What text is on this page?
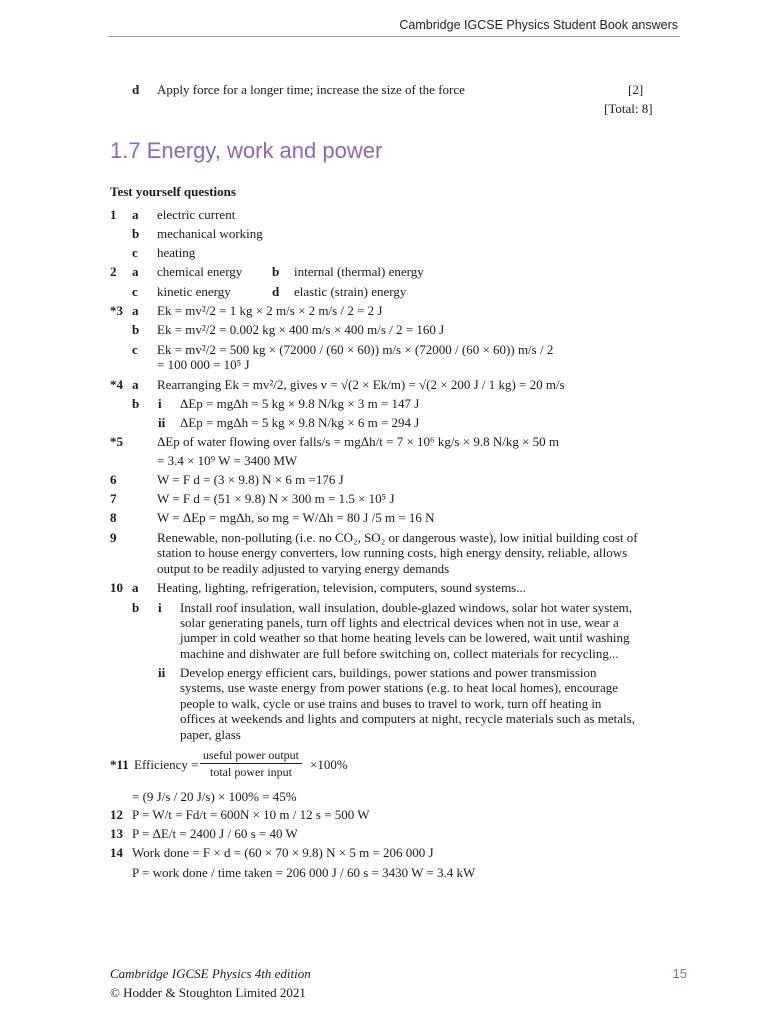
Cambridge IGCSE Physics Student Book answers
d Apply force for a longer time; increase the size of the force	[2]
[Total: 8]
1.7 Energy, work and power
Test yourself questions
1 a electric current
b mechanical working
c heating
2 a chemical energy b internal (thermal) energy
c kinetic energy	d elastic (strain) energy
*3 a Ek = mv²/2 = 1 kg × 2 m/s × 2 m/s / 2 = 2 J
b Ek = mv²/2 = 0.002 kg × 400 m/s × 400 m/s / 2 = 160 J
c Ek = mv²/2 = 500 kg × (72000 / (60 × 60)) m/s × (72000 / (60 × 60)) m/s / 2
= 100 000 = 10⁵ J
*4 a Rearranging Ek = mv²/2, gives v = √(2 × Ek/m) = √(2 × 200 J / 1 kg) = 20 m/s
b i ΔEp = mgΔh = 5 kg × 9.8 N/kg × 3 m = 147 J
ii ΔEp = mgΔh = 5 kg × 9.8 N/kg × 6 m = 294 J
*5	ΔEp of water flowing over falls/s = mgΔh/t = 7 × 10⁶ kg/s × 9.8 N/kg × 50 m
= 3.4 × 10⁹ W = 3400 MW
6	W = F d = (3 × 9.8) N × 6 m =176 J
7	W = F d = (51 × 9.8) N × 300 m = 1.5 × 10⁵ J
8	W = ΔEp = mgΔh, so mg = W/Δh = 80 J /5 m = 16 N
9	Renewable, non-polluting (i.e. no CO₂, SO₂ or dangerous waste), low initial building cost of
station to house energy converters, low running costs, high energy density, reliable, allows
output to be readily adjusted to varying energy demands
10 a Heating, lighting, refrigeration, television, computers, sound systems...
b i Install roof insulation, wall insulation, double-glazed windows, solar hot water system,
solar generating panels, turn off lights and electrical devices when not in use, wear a
jumper in cold weather so that home heating levels can be lowered, wait until washing
machine and dishwater are full before switching on, collect materials for recycling...
ii Develop energy efficient cars, buildings, power stations and power transmission
systems, use waste energy from power stations (e.g. to heat local homes), encourage
people to walk, cycle or use trains and buses to travel to work, turn off heating in
offices at weekends and lights and computers at night, recycle materials such as metals,
paper, glass
*11 Efficiency =
useful power output
total power input	×100%
= (9 J/s / 20 J/s) × 100% = 45%
12 P = W/t = Fd/t = 600N × 10 m / 12 s = 500 W
13 P = ΔE/t = 2400 J / 60 s = 40 W
14 Work done = F × d = (60 × 70 × 9.8) N × 5 m = 206 000 J
P = work done / time taken = 206 000 J / 60 s = 3430 W = 3.4 kW
Cambridge IGCSE Physics 4th edition
© Hodder & Stoughton Limited 2021
15
